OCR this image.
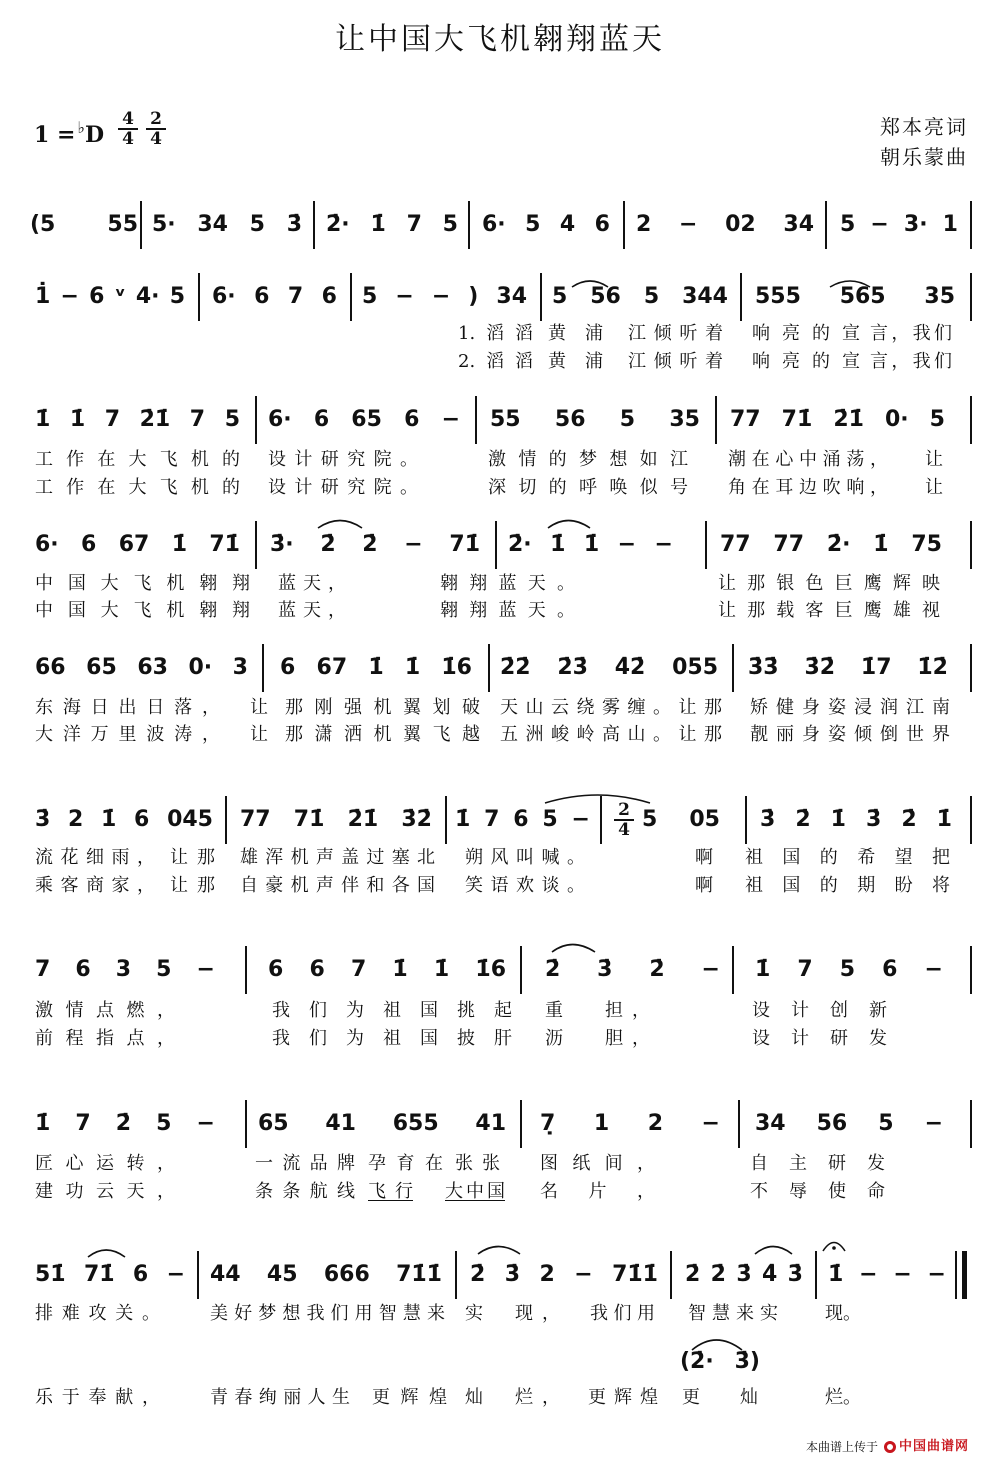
让中国大飞机翱翔蓝天
$1 = ^♭D \frac{4}{4} \frac{2}{4}$	郑本亮词
朝乐蒙曲
(5 55 5· 34 5 3̇ 2̇· 1̇ 7 5 6· 5 4 6 2 − 02 34 5 − 3· 1
1̇ − 6 ᵛ 4· 5 6· 6 7 6 5 − − ) 34 5 56 5 344 555 565 35
1.滔滔 黄浦 江倾听着 响亮的宣 言，我们
2.滔滔 黄浦 江倾听着 响亮的宣 言，我们
1̇ 1̇ 7 2̇1̇ 7 5 6· 6 65 6 − 55 56 5 35 77 71̇ 2̇1̇ 0· 5
工作在大飞机的 设计研究院。	激情的梦想如江 潮在心中涌荡， 让
工作在大飞机的 设计研究院。	深切的呼唤似号 角在耳边吹响， 让
6· 6 67 1̇ 71̇ 3̇· 2̇ 2̇ − 71̇ 2̇· 1̇ 1̇ − − 77 77 2̇· 1̇ 75
中国大飞机翱翔 蓝天，	翱翔蓝天。	让那银色巨鹰辉映
中国大飞机翱翔 蓝天，	翱翔蓝天。	让那载客巨鹰雄视
66 65 63 0· 3 6 67 1̇ 1̇ 1̇6 2̇2̇ 2̇3̇ 4̇2̇ 055 3̇3̇ 3̇2̇ 1̇7 1̇2̇
东海日出日落， 让 那刚强机翼划破 天山云绕雾缠。让那 矫健身姿浸润江南
大洋万里波涛， 让 那潇洒机翼飞越 五洲峻岭高山。让那 靓丽身姿倾倒世界
3̇ 2 1̇ 6 045 77 71̇ 2̇1̇ 3̇2̇ 1̇ 7 6 $5 - \frac{2}{4} 5$ 05 3̇ 2̇ 1̇ 3̇ 2̇ 1̇
流花细雨， 让那 雄浑机声盖过塞北 朔风叫喊。	啊 祖国的希望把
乘客商家， 让那 自豪机声伴和各国 笑语欢谈。	啊 祖国的期盼将
7 6 3 5 − 6 6 7 1̇ 1̇ 1̇6 2̇ 3̇ 2̇ − 1̇ 7 5 6 −
激情点燃，	我们为祖国挑起 重 担，	设计创新
前程指点，	我们为祖国披肝 沥 胆，	设计研发
1̇ 7 2̇ 5 − 65 41 655 41 7̣ 1 2 − 34 56 5 −
匠心运转，	一流品牌 孕育在 张张 图纸间，	自主研发
建功云天，	条条航线 飞行 大中国 名片，	不辱使命
51̇ 71̇ 6 − 44 45 666 71̇1̇ 2̇ 3̇ 2 − 71̇1̇ 2̇ 2̇ 3̇ 4̇ 3̇ 1̇ − − −
排难攻关。	美好梦想我们用智慧来 实 现， 我们用 智慧来实	现。
(2̇· 3̇)
乐于奉献，	青春绚丽人生 更辉煌 灿 烂， 更辉煌 更 灿	烂。
本曲谱上传于 中国曲谱网
